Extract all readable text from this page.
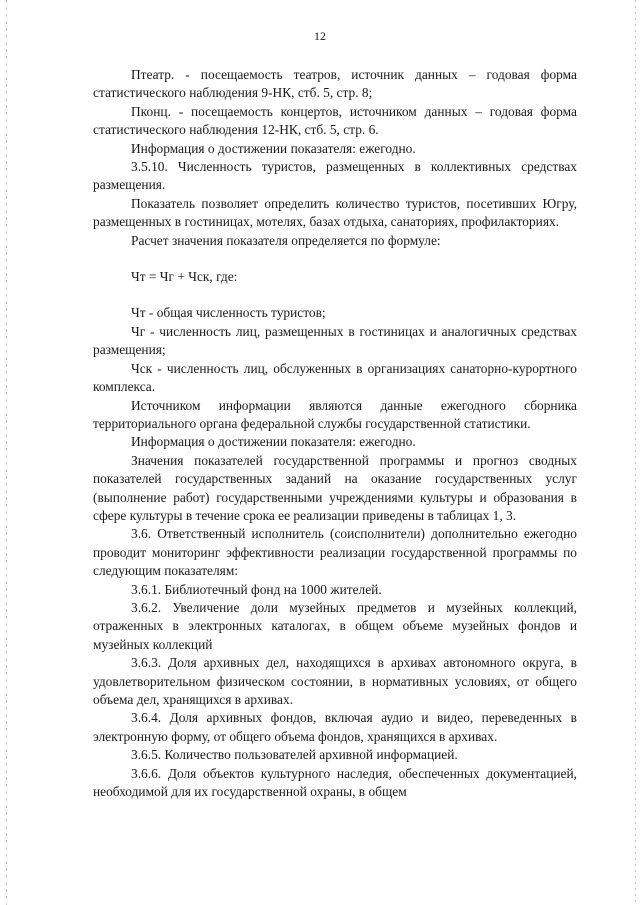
12

Птеатр. - посещаемость театров, источник данных – годовая форма статистического наблюдения 9-НК, стб. 5, стр. 8;

Пконц. - посещаемость концертов, источником данных – годовая форма статистического наблюдения 12-НК, стб. 5, стр. 6.

Информация о достижении показателя: ежегодно.

3.5.10. Численность туристов, размещенных в коллективных средствах размещения.

Показатель позволяет определить количество туристов, посетивших Югру, размещенных в гостиницах, мотелях, базах отдыха, санаториях, профилакториях.

Расчет значения показателя определяется по формуле:

Чт = Чг + Чск, где:

Чт - общая численность туристов;

Чг - численность лиц, размещенных в гостиницах и аналогичных средствах размещения;

Чск - численность лиц, обслуженных в организациях санаторно-курортного комплекса.

Источником информации являются данные ежегодного сборника территориального органа федеральной службы государственной статистики.

Информация о достижении показателя: ежегодно.

Значения показателей государственной программы и прогноз сводных показателей государственных заданий на оказание государственных услуг (выполнение работ) государственными учреждениями культуры и образования в сфере культуры в течение срока ее реализации приведены в таблицах 1, 3.

3.6. Ответственный исполнитель (соисполнители) дополнительно ежегодно проводит мониторинг эффективности реализации государственной программы по следующим показателям:

3.6.1. Библиотечный фонд на 1000 жителей.

3.6.2. Увеличение доли музейных предметов и музейных коллекций, отраженных в электронных каталогах, в общем объеме музейных фондов и музейных коллекций

3.6.3. Доля архивных дел, находящихся в архивах автономного округа, в удовлетворительном физическом состоянии, в нормативных условиях, от общего объема дел, хранящихся в архивах.

3.6.4. Доля архивных фондов, включая аудио и видео, переведенных в электронную форму, от общего объема фондов, хранящихся в архивах.

3.6.5. Количество пользователей архивной информацией.

3.6.6. Доля объектов культурного наследия, обеспеченных документацией, необходимой для их государственной охраны, в общем
